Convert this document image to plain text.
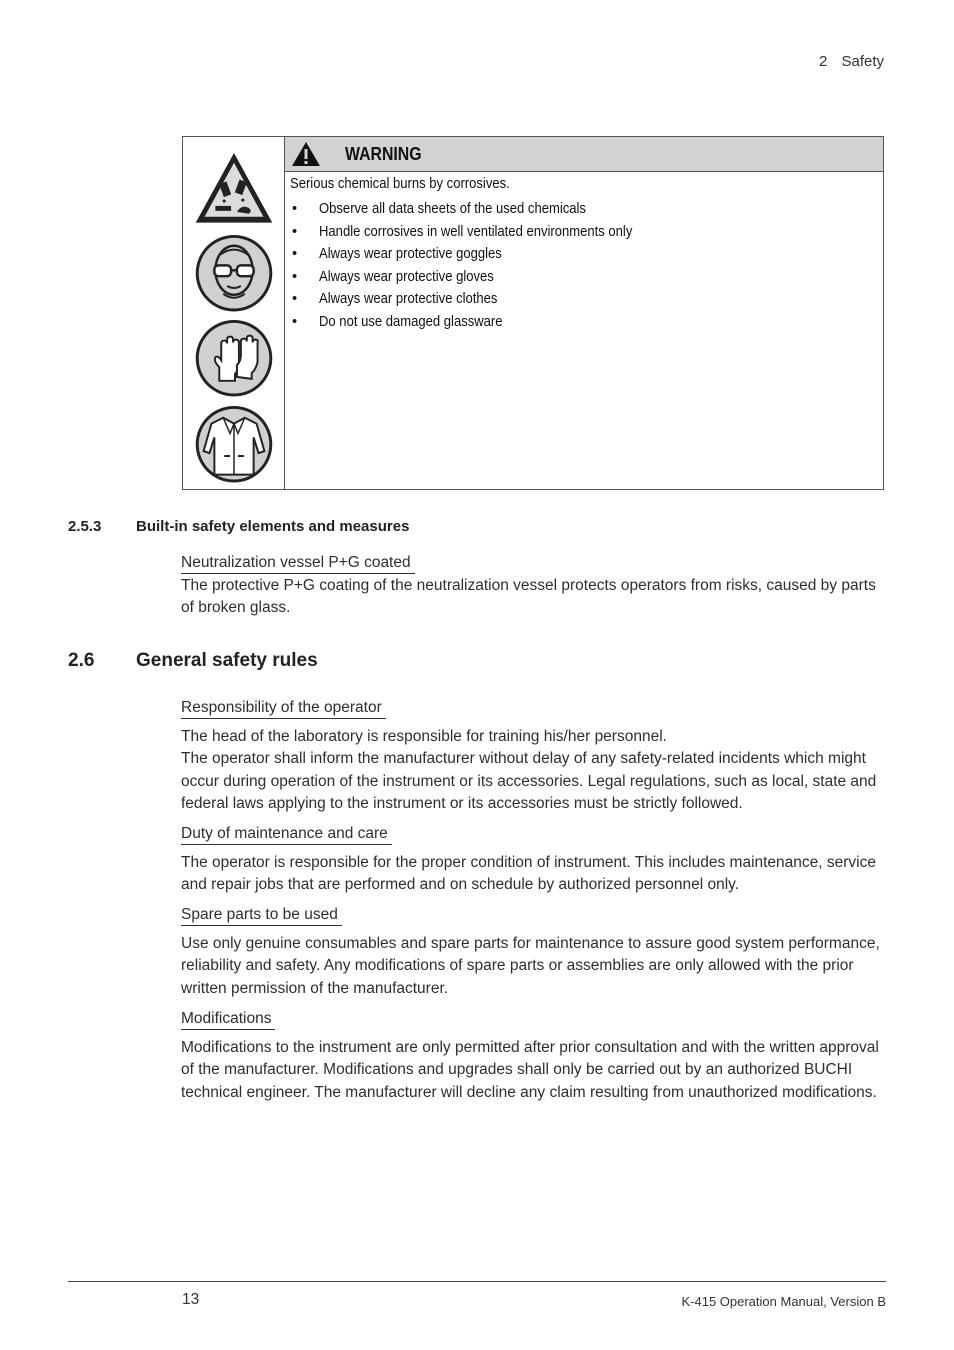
2 Safety
WARNING

Serious chemical burns by corrosives.

• Observe all data sheets of the used chemicals
• Handle corrosives in well ventilated environments only
• Always wear protective goggles
• Always wear protective gloves
• Always wear protective clothes
• Do not use damaged glassware
2.5.3 Built-in safety elements and measures
Neutralization vessel P+G coated

The protective P+G coating of the neutralization vessel protects operators from risks, caused by parts of broken glass.

2.6 General safety rules
Responsibility of the operator

The head of the laboratory is responsible for training his/her personnel.

The operator shall inform the manufacturer without delay of any safety-related incidents which might occur during operation of the instrument or its accessories. Legal regulations, such as local, state and federal laws applying to the instrument or its accessories must be strictly followed.

Duty of maintenance and care

The operator is responsible for the proper condition of instrument. This includes maintenance, service and repair jobs that are performed and on schedule by authorized personnel only.

Spare parts to be used

Use only genuine consumables and spare parts for maintenance to assure good system performance, reliability and safety. Any modifications of spare parts or assemblies are only allowed with the prior written permission of the manufacturer.

Modifications

Modifications to the instrument are only permitted after prior consultation and with the written approval of the manufacturer. Modifications and upgrades shall only be carried out by an authorized BUCHI technical engineer. The manufacturer will decline any claim resulting from unauthorized modifications.

13	K-415 Operation Manual, Version B
